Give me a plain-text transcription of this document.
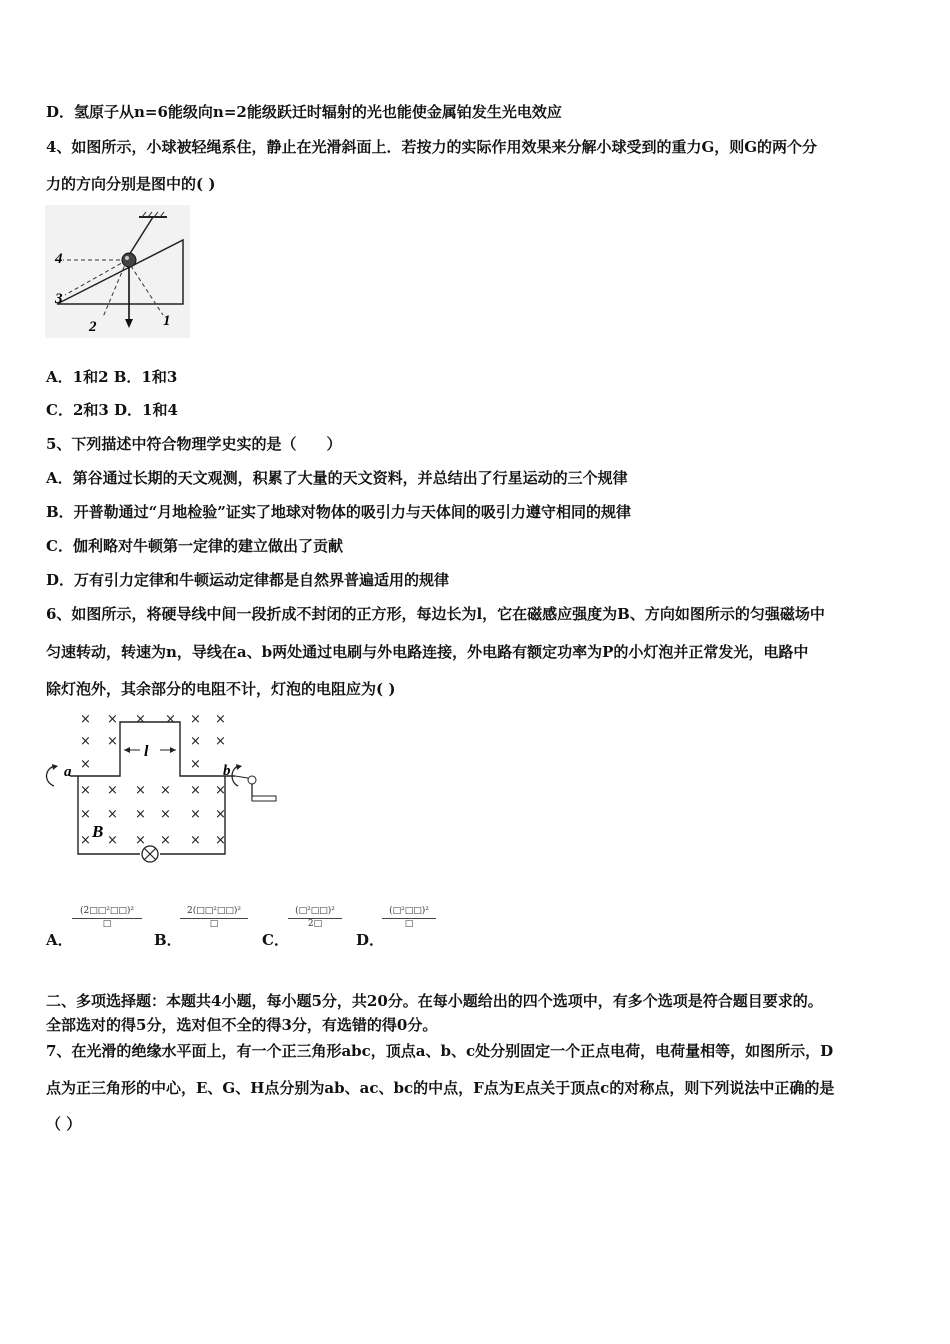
D．氢原子从n=6能级向n=2能级跃迁时辐射的光也能使金属铂发生光电效应
4、如图所示，小球被轻绳系住，静止在光滑斜面上．若按力的实际作用效果来分解小球受到的重力G，则G的两个分
力的方向分别是图中的( )
4
3
2	1
A．1和2 B．1和3
C．2和3 D．1和4
5、下列描述中符合物理学史实的是（　　）
A．第谷通过长期的天文观测，积累了大量的天文资料，并总结出了行星运动的三个规律
B．开普勒通过“月地检验”证实了地球对物体的吸引力与天体间的吸引力遵守相同的规律
C．伽利略对牛顿第一定律的建立做出了贡献
D．万有引力定律和牛顿运动定律都是自然界普遍适用的规律
6、如图所示，将硬导线中间一段折成不封闭的正方形，每边长为l，它在磁感应强度为B、方向如图所示的匀强磁场中
匀速转动，转速为n，导线在a、b两处通过电刷与外电路连接，外电路有额定功率为P的小灯泡并正常发光，电路中
除灯泡外，其余部分的电阻不计，灯泡的电阻应为( )
× × × × × ×
× ×	× ×
×	×
× × × × × ×
× × × × × ×
× × × × × ×
l
a	b
B
A．
(2□□²□□)²
□
B．
2(□□²□□)²
□
C．
(□²□□)²
2□
D．
(□²□□)²
□
二、多项选择题：本题共4小题，每小题5分，共20分。在每小题给出的四个选项中，有多个选项是符合题目要求的。
全部选对的得5分，选对但不全的得3分，有选错的得0分。
7、在光滑的绝缘水平面上，有一个正三角形abc，顶点a、b、c处分别固定一个正点电荷，电荷量相等，如图所示，D
点为正三角形的中心，E、G、H点分别为ab、ac、bc的中点，F点为E点关于顶点c的对称点，则下列说法中正确的是
（ ）
